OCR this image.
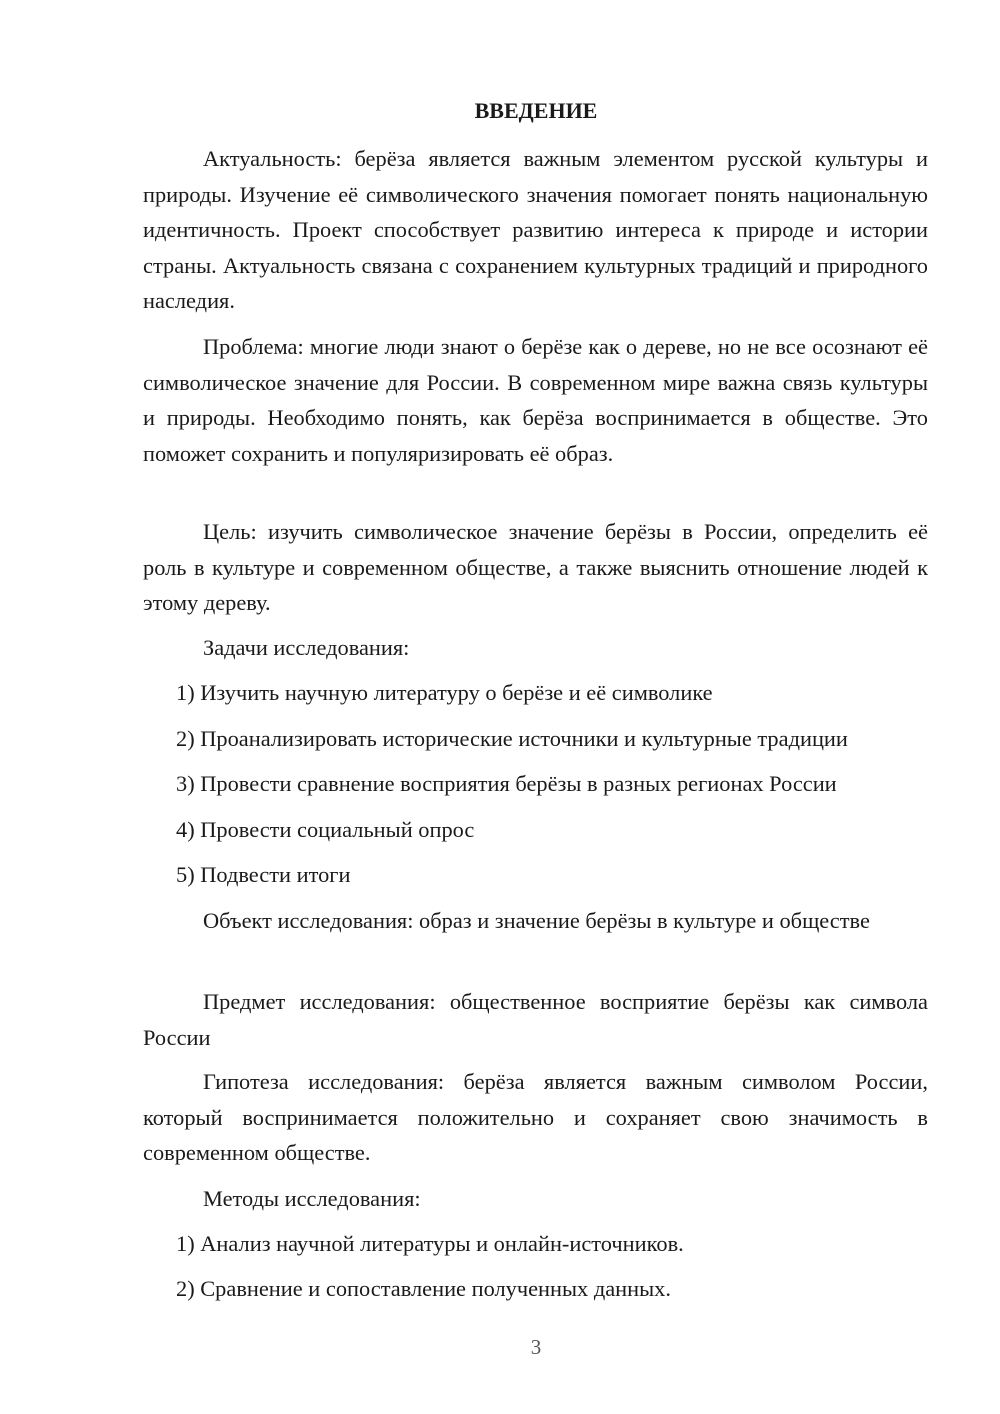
ВВЕДЕНИЕ

Актуальность: берёза является важным элементом русской культуры и природы. Изучение её символического значения помогает понять национальную идентичность. Проект способствует развитию интереса к природе и истории страны. Актуальность связана с сохранением культурных традиций и природного наследия.

Проблема: многие люди знают о берёзе как о дереве, но не все осознают её символическое значение для России. В современном мире важна связь культуры и природы. Необходимо понять, как берёза воспринимается в обществе. Это поможет сохранить и популяризировать её образ.

Цель: изучить символическое значение берёзы в России, определить её роль в культуре и современном обществе, а также выяснить отношение людей к этому дереву.

Задачи исследования:
1) Изучить научную литературу о берёзе и её символике
2) Проанализировать исторические источники и культурные традиции
3) Провести сравнение восприятия берёзы в разных регионах России
4) Провести социальный опрос
5) Подвести итоги

Объект исследования: образ и значение берёзы в культуре и обществе

Предмет исследования: общественное восприятие берёзы как символа России

Гипотеза исследования: берёза является важным символом России, который воспринимается положительно и сохраняет свою значимость в современном обществе.

Методы исследования:
1) Анализ научной литературы и онлайн-источников.
2) Сравнение и сопоставление полученных данных.
3
